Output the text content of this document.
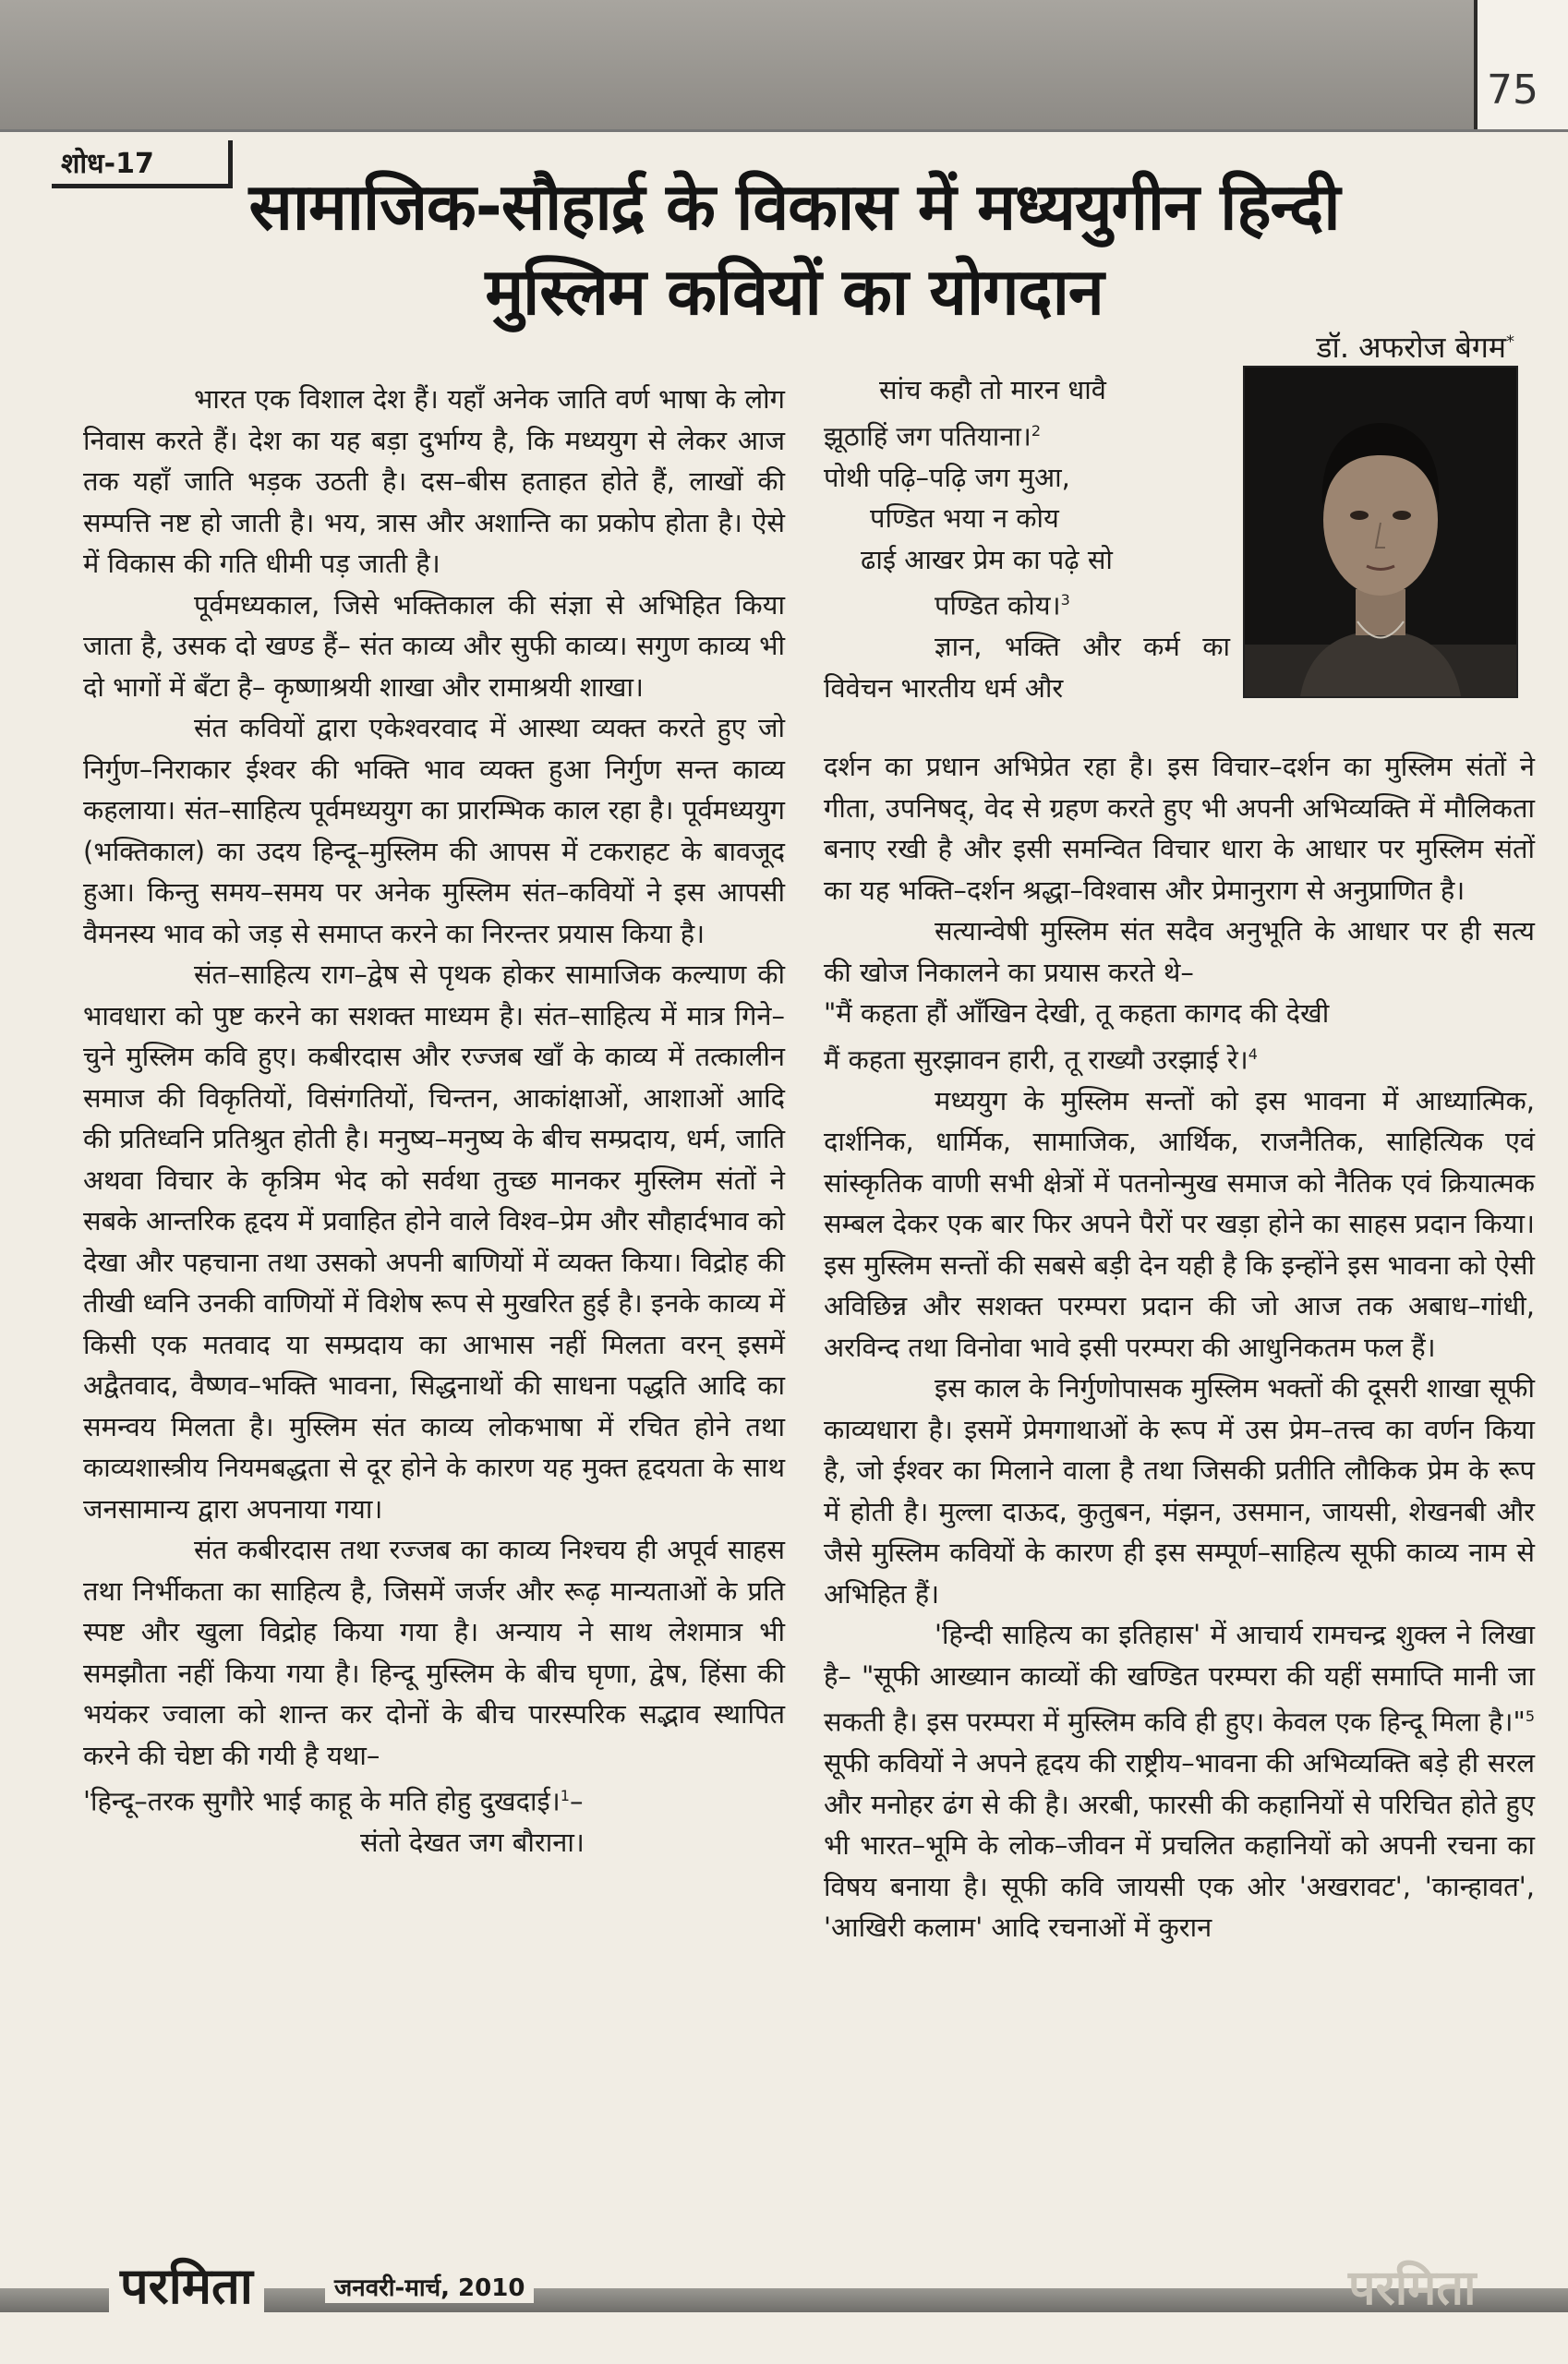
75
शोध-17
सामाजिक-सौहार्द्र के विकास में मध्ययुगीन हिन्दी
मुस्लिम कवियों का योगदान
डॉ. अफरोज बेगम*

भारत एक विशाल देश हैं। यहाँ अनेक जाति वर्ण भाषा के लोग निवास करते हैं। देश का यह बड़ा दुर्भाग्य है, कि मध्ययुग से लेकर आज तक यहाँ जाति भड़क उठती है। दस–बीस हताहत होते हैं, लाखों की सम्पत्ति नष्ट हो जाती है। भय, त्रास और अशान्ति का प्रकोप होता है। ऐसे में विकास की गति धीमी पड़ जाती है।

पूर्वमध्यकाल, जिसे भक्तिकाल की संज्ञा से अभिहित किया जाता है, उसक दो खण्ड हैं– संत काव्य और सुफी काव्य। सगुण काव्य भी दो भागों में बँटा है– कृष्णाश्रयी शाखा और रामाश्रयी शाखा।

संत कवियों द्वारा एकेश्वरवाद में आस्था व्यक्त करते हुए जो निर्गुण–निराकार ईश्वर की भक्ति भाव व्यक्त हुआ निर्गुण सन्त काव्य कहलाया। संत–साहित्य पूर्वमध्ययुग का प्रारम्भिक काल रहा है। पूर्वमध्ययुग (भक्तिकाल) का उदय हिन्दू–मुस्लिम की आपस में टकराहट के बावजूद हुआ। किन्तु समय–समय पर अनेक मुस्लिम संत–कवियों ने इस आपसी वैमनस्य भाव को जड़ से समाप्त करने का निरन्तर प्रयास किया है।

संत–साहित्य राग–द्वेष से पृथक होकर सामाजिक कल्याण की भावधारा को पुष्ट करने का सशक्त माध्यम है। संत–साहित्य में मात्र गिने–चुने मुस्लिम कवि हुए। कबीरदास और रज्जब खाँ के काव्य में तत्कालीन समाज की विकृतियों, विसंगतियों, चिन्तन, आकांक्षाओं, आशाओं आदि की प्रतिध्वनि प्रतिश्रुत होती है। मनुष्य–मनुष्य के बीच सम्प्रदाय, धर्म, जाति अथवा विचार के कृत्रिम भेद को सर्वथा तुच्छ मानकर मुस्लिम संतों ने सबके आन्तरिक हृदय में प्रवाहित होने वाले विश्व–प्रेम और सौहार्दभाव को देखा और पहचाना तथा उसको अपनी बाणियों में व्यक्त किया। विद्रोह की तीखी ध्वनि उनकी वाणियों में विशेष रूप से मुखरित हुई है। इनके काव्य में किसी एक मतवाद या सम्प्रदाय का आभास नहीं मिलता वरन् इसमें अद्वैतवाद, वैष्णव–भक्ति भावना, सिद्धनाथों की साधना पद्धति आदि का समन्वय मिलता है। मुस्लिम संत काव्य लोकभाषा में रचित होने तथा काव्यशास्त्रीय नियमबद्धता से दूर होने के कारण यह मुक्त हृदयता के साथ जनसामान्य द्वारा अपनाया गया।

संत कबीरदास तथा रज्जब का काव्य निश्चय ही अपूर्व साहस तथा निर्भीकता का साहित्य है, जिसमें जर्जर और रूढ़ मान्यताओं के प्रति स्पष्ट और खुला विद्रोह किया गया है। अन्याय ने साथ लेशमात्र भी समझौता नहीं किया गया है। हिन्दू मुस्लिम के बीच घृणा, द्वेष, हिंसा की भयंकर ज्वाला को शान्त कर दोनों के बीच पारस्परिक सद्भाव स्थापित करने की चेष्टा की गयी है यथा–

'हिन्दू–तरक सुगौरे भाई काहू के मति होहु दुखदाई।$^1$–
संतो देखत जग बौराना।
सांच कहौ तो मारन धावै
झूठाहिं जग पतियाना।$^2$
पोथी पढ़ि–पढ़ि जग मुआ,
पण्डित भया न कोय
ढाई आखर प्रेम का पढ़े सो
पण्डित कोय।$^3$

ज्ञान, भक्ति और कर्म का विवेचन भारतीय धर्म और

दर्शन का प्रधान अभिप्रेत रहा है। इस विचार–दर्शन का मुस्लिम संतों ने गीता, उपनिषद्, वेद से ग्रहण करते हुए भी अपनी अभिव्यक्ति में मौलिकता बनाए रखी है और इसी समन्वित विचार धारा के आधार पर मुस्लिम संतों का यह भक्ति–दर्शन श्रद्धा–विश्वास और प्रेमानुराग से अनुप्राणित है।

सत्यान्वेषी मुस्लिम संत सदैव अनुभूति के आधार पर ही सत्य की खोज निकालने का प्रयास करते थे–

"मैं कहता हौं आँखिन देखी, तू कहता कागद की देखी
मैं कहता सुरझावन हारी, तू राख्यौ उरझाई रे।$^4$

मध्ययुग के मुस्लिम सन्तों को इस भावना में आध्यात्मिक, दार्शनिक, धार्मिक, सामाजिक, आर्थिक, राजनैतिक, साहित्यिक एवं सांस्कृतिक वाणी सभी क्षेत्रों में पतनोन्मुख समाज को नैतिक एवं क्रियात्मक सम्बल देकर एक बार फिर अपने पैरों पर खड़ा होने का साहस प्रदान किया। इस मुस्लिम सन्तों की सबसे बड़ी देन यही है कि इन्होंने इस भावना को ऐसी अविछिन्न और सशक्त परम्परा प्रदान की जो आज तक अबाध–गांधी, अरविन्द तथा विनोवा भावे इसी परम्परा की आधुनिकतम फल हैं।

इस काल के निर्गुणोपासक मुस्लिम भक्तों की दूसरी शाखा सूफी काव्यधारा है। इसमें प्रेमगाथाओं के रूप में उस प्रेम–तत्त्व का वर्णन किया है, जो ईश्वर का मिलाने वाला है तथा जिसकी प्रतीति लौकिक प्रेम के रूप में होती है। मुल्ला दाऊद, कुतुबन, मंझन, उसमान, जायसी, शेखनबी और जैसे मुस्लिम कवियों के कारण ही इस सम्पूर्ण–साहित्य सूफी काव्य नाम से अभिहित हैं।

'हिन्दी साहित्य का इतिहास' में आचार्य रामचन्द्र शुक्ल ने लिखा है– "सूफी आख्यान काव्यों की खण्डित परम्परा की यहीं समाप्ति मानी जा सकती है। इस परम्परा में मुस्लिम कवि ही हुए। केवल एक हिन्दू मिला है।"$^5$ सूफी कवियों ने अपने हृदय की राष्ट्रीय–भावना की अभिव्यक्ति बड़े ही सरल और मनोहर ढंग से की है। अरबी, फारसी की कहानियों से परिचित होते हुए भी भारत–भूमि के लोक–जीवन में प्रचलित कहानियों को अपनी रचना का विषय बनाया है। सूफी कवि जायसी एक ओर 'अखरावट', 'कान्हावत', 'आखिरी कलाम' आदि रचनाओं में कुरान

परमिता	जनवरी-मार्च, 2010	परमिता
